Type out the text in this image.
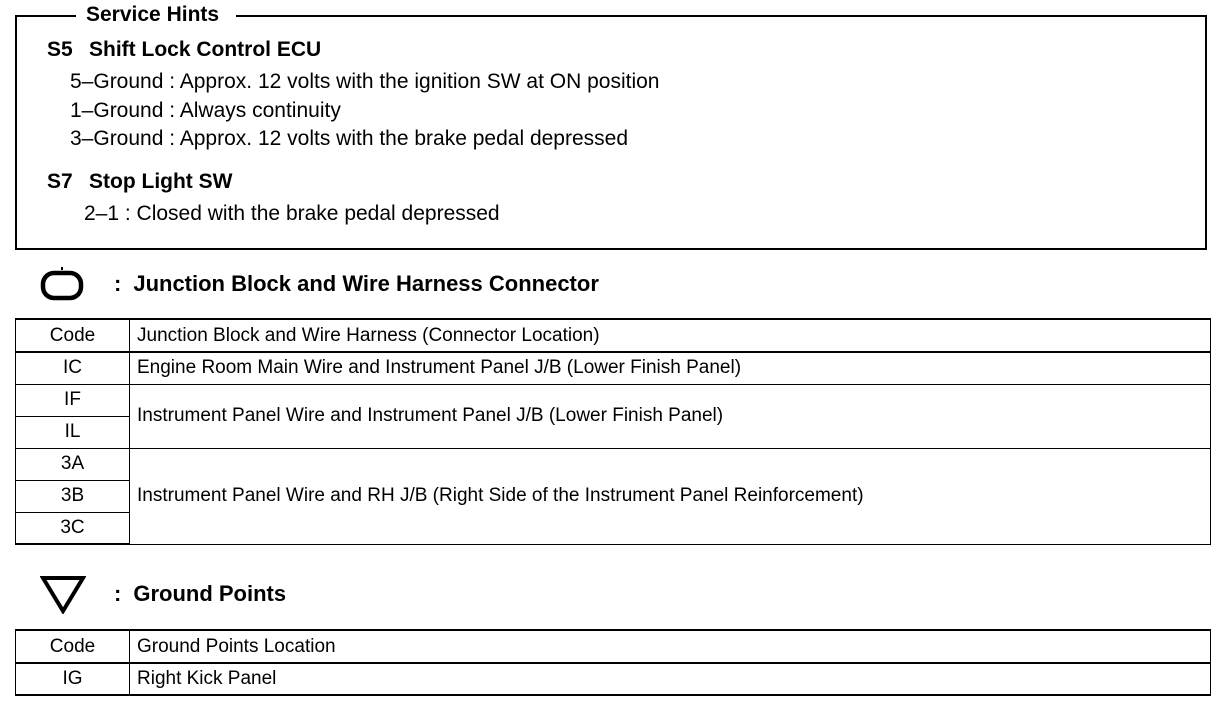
Service Hints
S5 Shift Lock Control ECU
5–Ground : Approx. 12 volts with the ignition SW at ON position
1–Ground : Always continuity
3–Ground : Approx. 12 volts with the brake pedal depressed
S7 Stop Light SW
2–1 : Closed with the brake pedal depressed
: Junction Block and Wire Harness Connector
Code	Junction Block and Wire Harness (Connector Location)
IC	Engine Room Main Wire and Instrument Panel J/B (Lower Finish Panel)
IF	Instrument Panel Wire and Instrument Panel J/B (Lower Finish Panel)
IL	
3A	Instrument Panel Wire and RH J/B (Right Side of the Instrument Panel Reinforcement)
3B	
3C	
: Ground Points
Code	Ground Points Location
IG	Right Kick Panel
